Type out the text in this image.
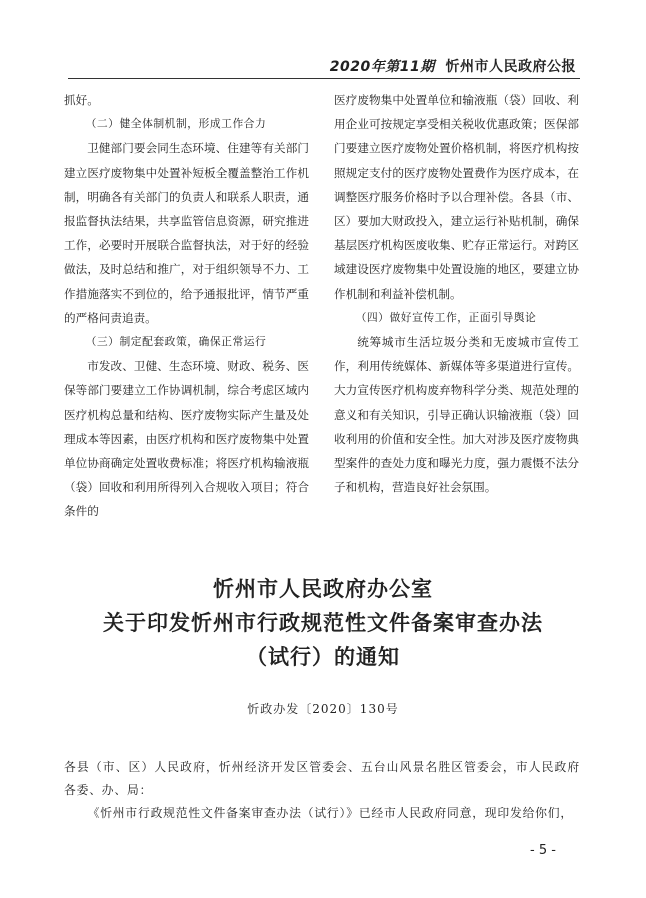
2020年第11期 忻州市人民政府公报

抓好。

（二）健全体制机制，形成工作合力

卫健部门要会同生态环境、住建等有关部门建立医疗废物集中处置补短板全覆盖整治工作机制，明确各有关部门的负责人和联系人职责，通报监督执法结果，共享监管信息资源，研究推进工作，必要时开展联合监督执法，对于好的经验做法，及时总结和推广，对于组织领导不力、工作措施落实不到位的，给予通报批评，情节严重的严格问责追责。

（三）制定配套政策，确保正常运行

市发改、卫健、生态环境、财政、税务、医保等部门要建立工作协调机制，综合考虑区域内医疗机构总量和结构、医疗废物实际产生量及处理成本等因素，由医疗机构和医疗废物集中处置单位协商确定处置收费标准；将医疗机构输液瓶（袋）回收和利用所得列入合规收入项目；符合条件的

医疗废物集中处置单位和输液瓶（袋）回收、利用企业可按规定享受相关税收优惠政策；医保部门要建立医疗废物处置价格机制，将医疗机构按照规定支付的医疗废物处置费作为医疗成本，在调整医疗服务价格时予以合理补偿。各县（市、区）要加大财政投入，建立运行补贴机制，确保基层医疗机构医废收集、贮存正常运行。对跨区域建设医疗废物集中处置设施的地区，要建立协作机制和利益补偿机制。

（四）做好宣传工作，正面引导舆论

统筹城市生活垃圾分类和无废城市宣传工作，利用传统媒体、新媒体等多渠道进行宣传。大力宣传医疗机构废弃物科学分类、规范处理的意义和有关知识，引导正确认识输液瓶（袋）回收利用的价值和安全性。加大对涉及医疗废物典型案件的查处力度和曝光力度，强力震慑不法分子和机构，营造良好社会氛围。

忻州市人民政府办公室
关于印发忻州市行政规范性文件备案审查办法
（试行）的通知
忻政办发〔2020〕130号

各县（市、区）人民政府，忻州经济开发区管委会、五台山风景名胜区管委会，市人民政府各委、办、局：

《忻州市行政规范性文件备案审查办法（试行）》已经市人民政府同意，现印发给你们，

- 5 -
